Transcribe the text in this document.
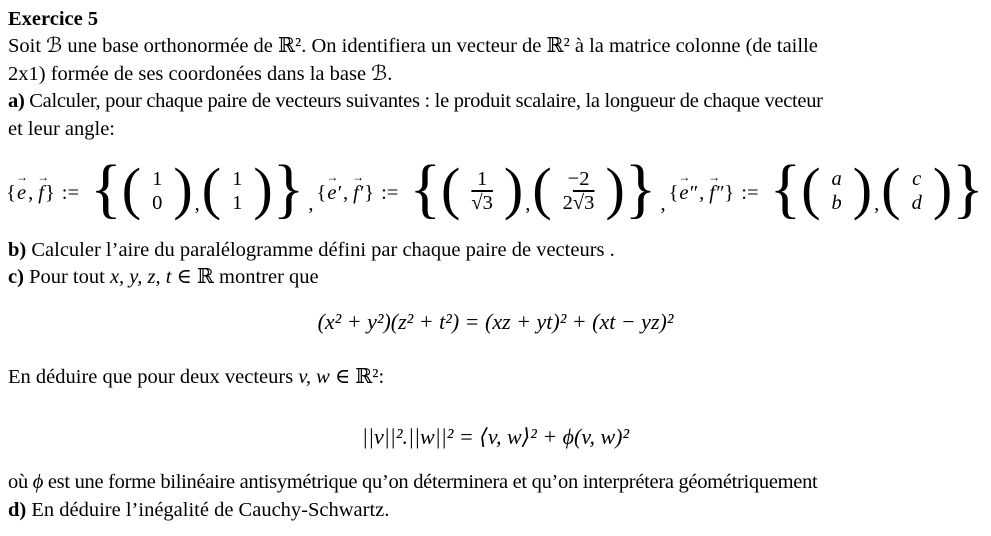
Exercice 5
Soit ℬ une base orthonormée de ℝ². On identifiera un vecteur de ℝ² à la matrice colonne (de taille
2x1) formée de ses coordonées dans la base ℬ.
a) Calculer, pour chaque paire de vecteurs suivantes : le produit scalaire, la longueur de chaque vecteur
et leur angle:
{
→
e ,
→
f } := { ( 1
0 ) , ( 1
1 ) } , {
→
e′ ,
→
f′ } := { ( 1
√3 ) , ( −2
2√3 ) } , {
→
e″ ,
→
f″ } := { ( a
b ) , ( c
d ) }
b) Calculer l’aire du paralélogramme défini par chaque paire de vecteurs .
c) Pour tout x, y, z, t ∈ ℝ montrer que
(x² + y²)(z² + t²) = (xz + yt)² + (xt − yz)²
En déduire que pour deux vecteurs v, w ∈ ℝ²:
||v||².||w||² = ⟨v, w⟩² + ϕ(v, w)²
où ϕ est une forme bilinéaire antisymétrique qu’on déterminera et qu’on interprétera géométriquement
d) En déduire l’inégalité de Cauchy-Schwartz.
